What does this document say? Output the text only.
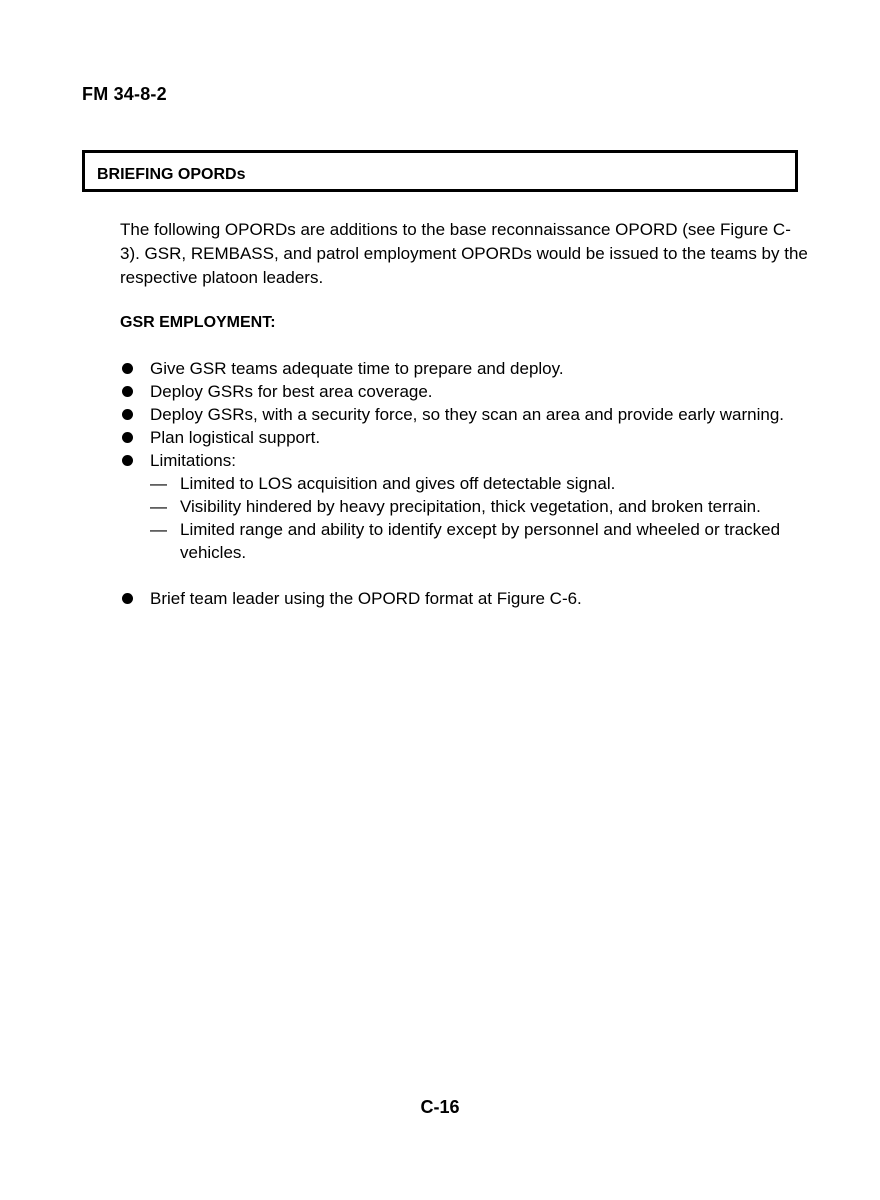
FM 34-8-2
BRIEFING OPORDs

The following OPORDs are additions to the base reconnaissance OPORD (see Figure C-3). GSR, REMBASS, and patrol employment OPORDs would be issued to the teams by the respective platoon leaders.

GSR EMPLOYMENT:
Give GSR teams adequate time to prepare and deploy.
Deploy GSRs for best area coverage.
Deploy GSRs, with a security force, so they scan an area and provide early warning.
Plan logistical support.
Limitations:
— Limited to LOS acquisition and gives off detectable signal.
— Visibility hindered by heavy precipitation, thick vegetation, and broken terrain.
— Limited range and ability to identify except by personnel and wheeled or tracked vehicles.
Brief team leader using the OPORD format at Figure C-6.
C-16
